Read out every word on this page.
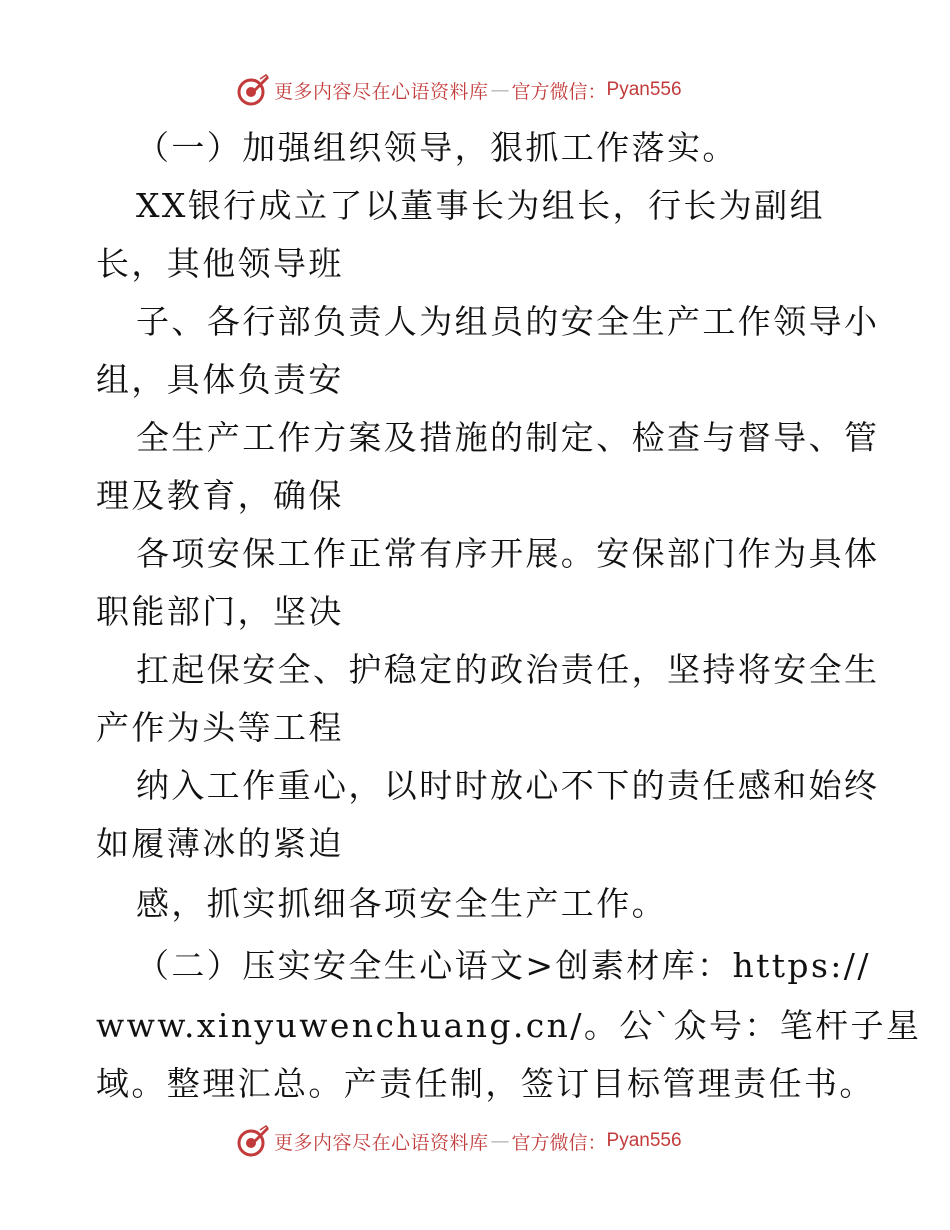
更多内容尽在心语资料库 — 官方微信： Pyan556
（一）加强组织领导，狠抓工作落实。
XX银行成立了以董事长为组长，行长为副组
长，其他领导班
子、各行部负责人为组员的安全生产工作领导小
组，具体负责安
全生产工作方案及措施的制定、检查与督导、管
理及教育，确保
各项安保工作正常有序开展。安保部门作为具体
职能部门，坚决
扛起保安全、护稳定的政治责任，坚持将安全生
产作为头等工程
纳入工作重心，以时时放心不下的责任感和始终
如履薄冰的紧迫
感，抓实抓细各项安全生产工作。
（二）压实安全生心语文>创素材库：https://
www.xinyuwenchuang.cn/。公`众号：笔杆子星
域。整理汇总。产责任制，签订目标管理责任书。
更多内容尽在心语资料库 — 官方微信： Pyan556
